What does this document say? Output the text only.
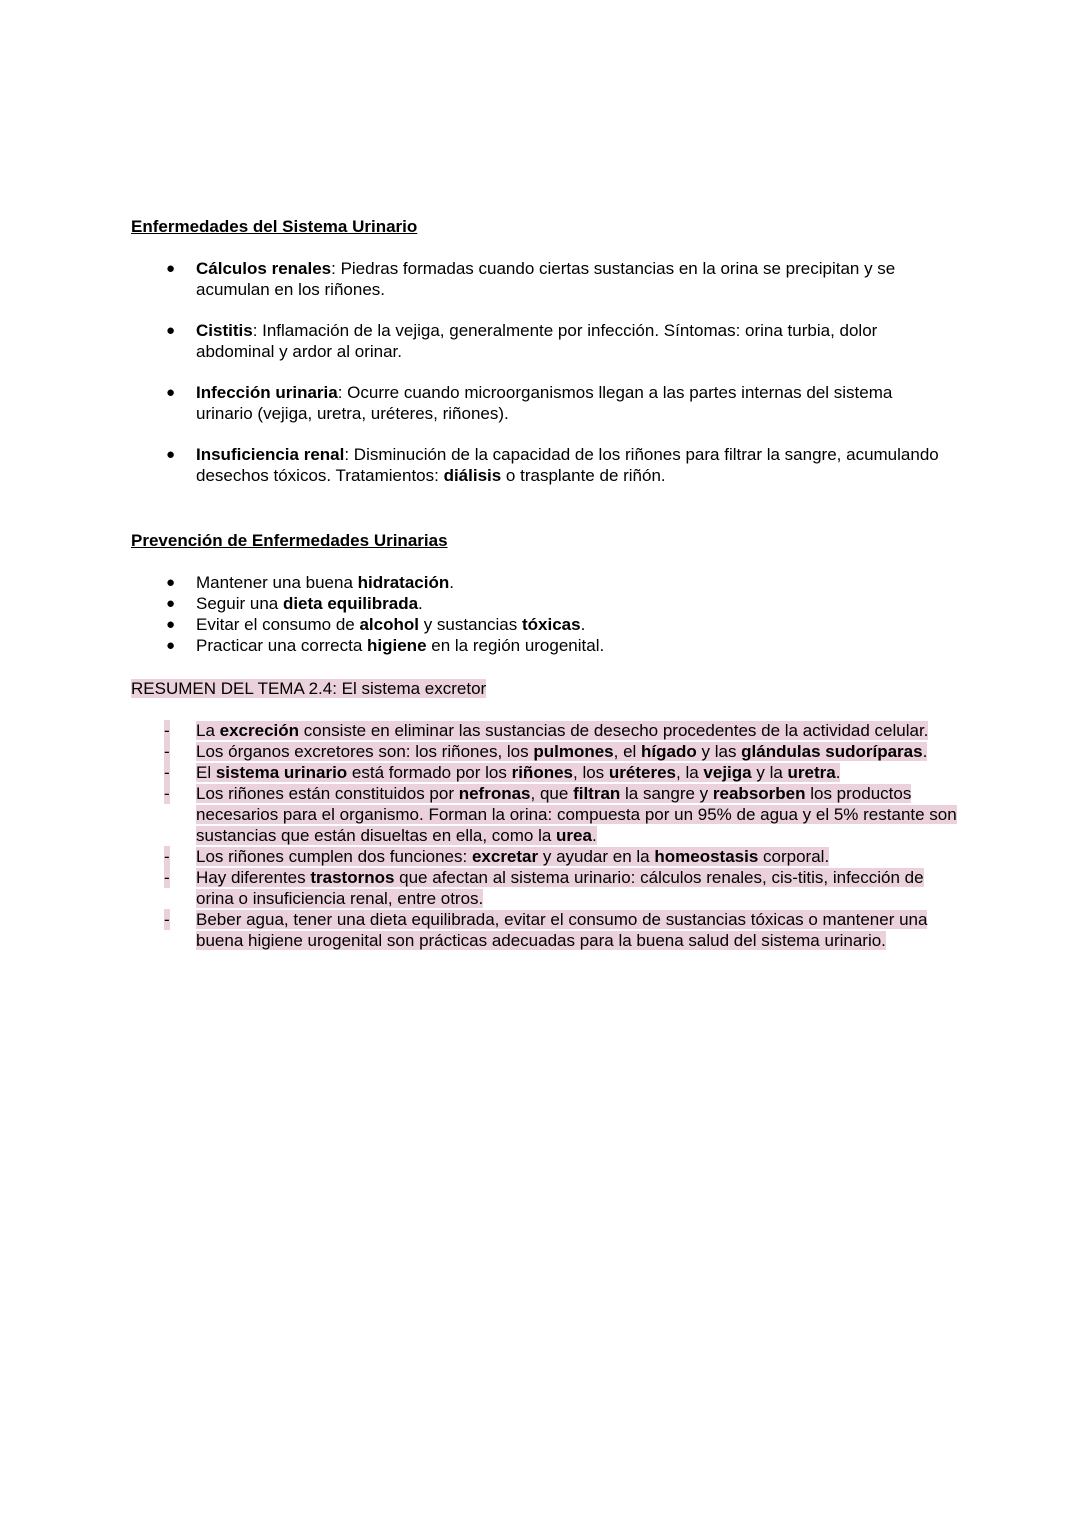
Enfermedades del Sistema Urinario
● Cálculos renales: Piedras formadas cuando ciertas sustancias en la orina se precipitan y se acumulan en los riñones.
● Cistitis: Inflamación de la vejiga, generalmente por infección. Síntomas: orina turbia, dolor abdominal y ardor al orinar.
● Infección urinaria: Ocurre cuando microorganismos llegan a las partes internas del sistema urinario (vejiga, uretra, uréteres, riñones).
● Insuficiencia renal: Disminución de la capacidad de los riñones para filtrar la sangre, acumulando desechos tóxicos. Tratamientos: diálisis o trasplante de riñón.
Prevención de Enfermedades Urinarias
● Mantener una buena hidratación.
● Seguir una dieta equilibrada.
● Evitar el consumo de alcohol y sustancias tóxicas.
● Practicar una correcta higiene en la región urogenital.
RESUMEN DEL TEMA 2.4: El sistema excretor
- La excreción consiste en eliminar las sustancias de desecho procedentes de la actividad celular.
- Los órganos excretores son: los riñones, los pulmones, el hígado y las glándulas sudoríparas.
- El sistema urinario está formado por los riñones, los uréteres, la vejiga y la uretra.
- Los riñones están constituidos por nefronas, que filtran la sangre y reabsorben los productos necesarios para el organismo. Forman la orina: compuesta por un 95% de agua y el 5% restante son sustancias que están disueltas en ella, como la urea.
- Los riñones cumplen dos funciones: excretar y ayudar en la homeostasis corporal.
- Hay diferentes trastornos que afectan al sistema urinario: cálculos renales, cis-titis, infección de orina o insuficiencia renal, entre otros.
- Beber agua, tener una dieta equilibrada, evitar el consumo de sustancias tóxicas o mantener una buena higiene urogenital son prácticas adecuadas para la buena salud del sistema urinario.
